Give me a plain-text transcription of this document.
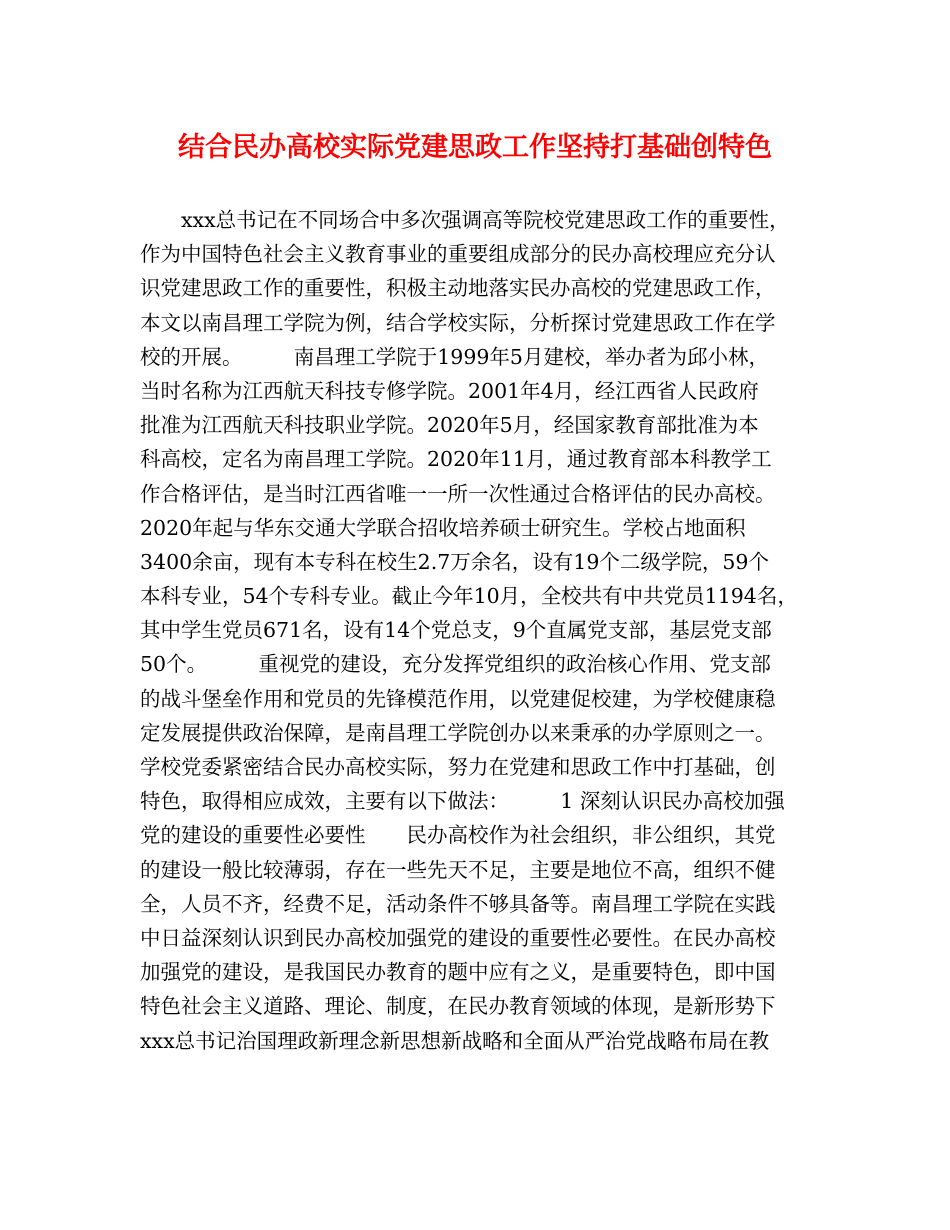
结合民办高校实际党建思政工作坚持打基础创特色
　　xxx总书记在不同场合中多次强调高等院校党建思政工作的重要性，
作为中国特色社会主义教育事业的重要组成部分的民办高校理应充分认
识党建思政工作的重要性，积极主动地落实民办高校的党建思政工作，
本文以南昌理工学院为例，结合学校实际，分析探讨党建思政工作在学
校的开展。　　　南昌理工学院于1999年5月建校，举办者为邱小林，
当时名称为江西航天科技专修学院。2001年4月，经江西省人民政府
批准为江西航天科技职业学院。2020年5月，经国家教育部批准为本
科高校，定名为南昌理工学院。2020年11月，通过教育部本科教学工
作合格评估，是当时江西省唯一一所一次性通过合格评估的民办高校。
2020年起与华东交通大学联合招收培养硕士研究生。学校占地面积
3400余亩，现有本专科在校生2.7万余名，设有19个二级学院，59个
本科专业，54个专科专业。截止今年10月，全校共有中共党员1194名，
其中学生党员671名，设有14个党总支，9个直属党支部，基层党支部
50个。　　　重视党的建设，充分发挥党组织的政治核心作用、党支部
的战斗堡垒作用和党员的先锋模范作用，以党建促校建，为学校健康稳
定发展提供政治保障，是南昌理工学院创办以来秉承的办学原则之一。
学校党委紧密结合民办高校实际，努力在党建和思政工作中打基础，创
特色，取得相应成效，主要有以下做法：　　　1 深刻认识民办高校加强
党的建设的重要性必要性　　民办高校作为社会组织，非公组织，其党
的建设一般比较薄弱，存在一些先天不足，主要是地位不高，组织不健
全，人员不齐，经费不足，活动条件不够具备等。南昌理工学院在实践
中日益深刻认识到民办高校加强党的建设的重要性必要性。在民办高校
加强党的建设，是我国民办教育的题中应有之义，是重要特色，即中国
特色社会主义道路、理论、制度，在民办教育领域的体现，是新形势下
xxx总书记治国理政新理念新思想新战略和全面从严治党战略布局在教
